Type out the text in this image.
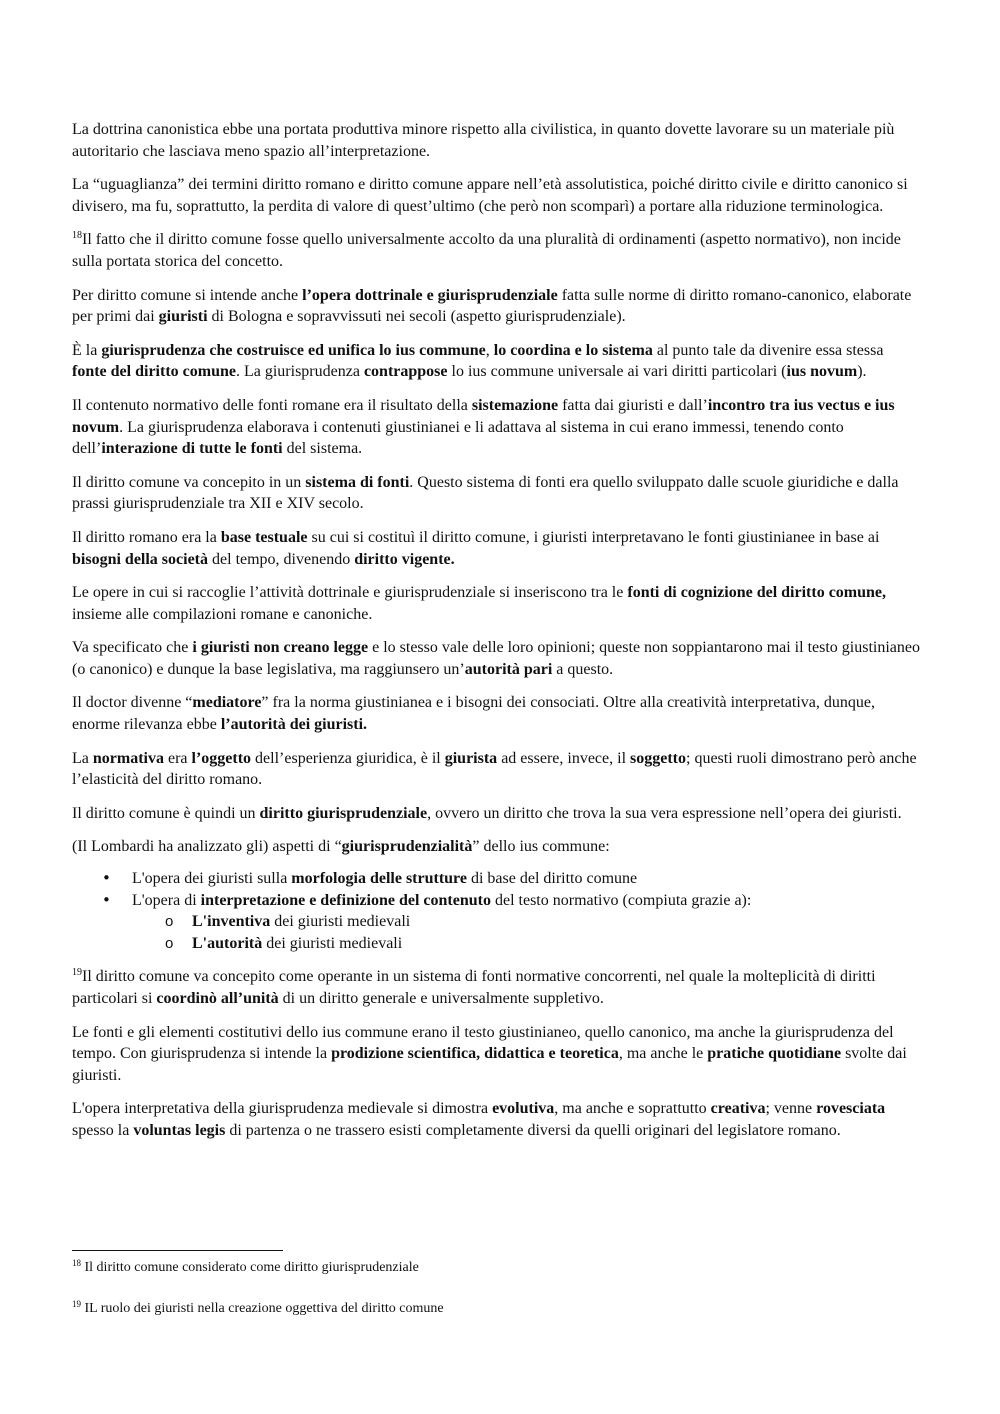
La dottrina canonistica ebbe una portata produttiva minore rispetto alla civilistica, in quanto dovette lavorare su un materiale più autoritario che lasciava meno spazio all’interpretazione.

La “uguaglianza” dei termini diritto romano e diritto comune appare nell’età assolutistica, poiché diritto civile e diritto canonico si divisero, ma fu, soprattutto, la perdita di valore di quest’ultimo (che però non scomparì) a portare alla riduzione terminologica.

$^{18}$Il fatto che il diritto comune fosse quello universalmente accolto da una pluralità di ordinamenti (aspetto normativo), non incide sulla portata storica del concetto.

Per diritto comune si intende anche l’opera dottrinale e giurisprudenziale fatta sulle norme di diritto romano-canonico, elaborate per primi dai giuristi di Bologna e sopravvissuti nei secoli (aspetto giurisprudenziale).

È la giurisprudenza che costruisce ed unifica lo ius commune, lo coordina e lo sistema al punto tale da divenire essa stessa fonte del diritto comune. La giurisprudenza contrappose lo ius commune universale ai vari diritti particolari (ius novum).

Il contenuto normativo delle fonti romane era il risultato della sistemazione fatta dai giuristi e dall’incontro tra ius vectus e ius novum. La giurisprudenza elaborava i contenuti giustinianei e li adattava al sistema in cui erano immessi, tenendo conto dell’interazione di tutte le fonti del sistema.

Il diritto comune va concepito in un sistema di fonti. Questo sistema di fonti era quello sviluppato dalle scuole giuridiche e dalla prassi giurisprudenziale tra XII e XIV secolo.

Il diritto romano era la base testuale su cui si costituì il diritto comune, i giuristi interpretavano le fonti giustinianee in base ai bisogni della società del tempo, divenendo diritto vigente.

Le opere in cui si raccoglie l’attività dottrinale e giurisprudenziale si inseriscono tra le fonti di cognizione del diritto comune, insieme alle compilazioni romane e canoniche.

Va specificato che i giuristi non creano legge e lo stesso vale delle loro opinioni; queste non soppiantarono mai il testo giustinianeo (o canonico) e dunque la base legislativa, ma raggiunsero un’autorità pari a questo.

Il doctor divenne “mediatore” fra la norma giustinianea e i bisogni dei consociati. Oltre alla creatività interpretativa, dunque, enorme rilevanza ebbe l’autorità dei giuristi.

La normativa era l’oggetto dell’esperienza giuridica, è il giurista ad essere, invece, il soggetto; questi ruoli dimostrano però anche l’elasticità del diritto romano.

Il diritto comune è quindi un diritto giurisprudenziale, ovvero un diritto che trova la sua vera espressione nell’opera dei giuristi.

(Il Lombardi ha analizzato gli) aspetti di “giurisprudenzialità” dello ius commune:

• L'opera dei giuristi sulla morfologia delle strutture di base del diritto comune
• L'opera di interpretazione e definizione del contenuto del testo normativo (compiuta grazie a):
o L'inventiva dei giuristi medievali
o L'autorità dei giuristi medievali

$^{19}$Il diritto comune va concepito come operante in un sistema di fonti normative concorrenti, nel quale la molteplicità di diritti particolari si coordinò all’unità di un diritto generale e universalmente suppletivo.

Le fonti e gli elementi costitutivi dello ius commune erano il testo giustinianeo, quello canonico, ma anche la giurisprudenza del tempo. Con giurisprudenza si intende la prodizione scientifica, didattica e teoretica, ma anche le pratiche quotidiane svolte dai giuristi.

L'opera interpretativa della giurisprudenza medievale si dimostra evolutiva, ma anche e soprattutto creativa; venne rovesciata spesso la voluntas legis di partenza o ne trassero esisti completamente diversi da quelli originari del legislatore romano.

$^{18}$ Il diritto comune considerato come diritto giurisprudenziale
$^{19}$ IL ruolo dei giuristi nella creazione oggettiva del diritto comune
